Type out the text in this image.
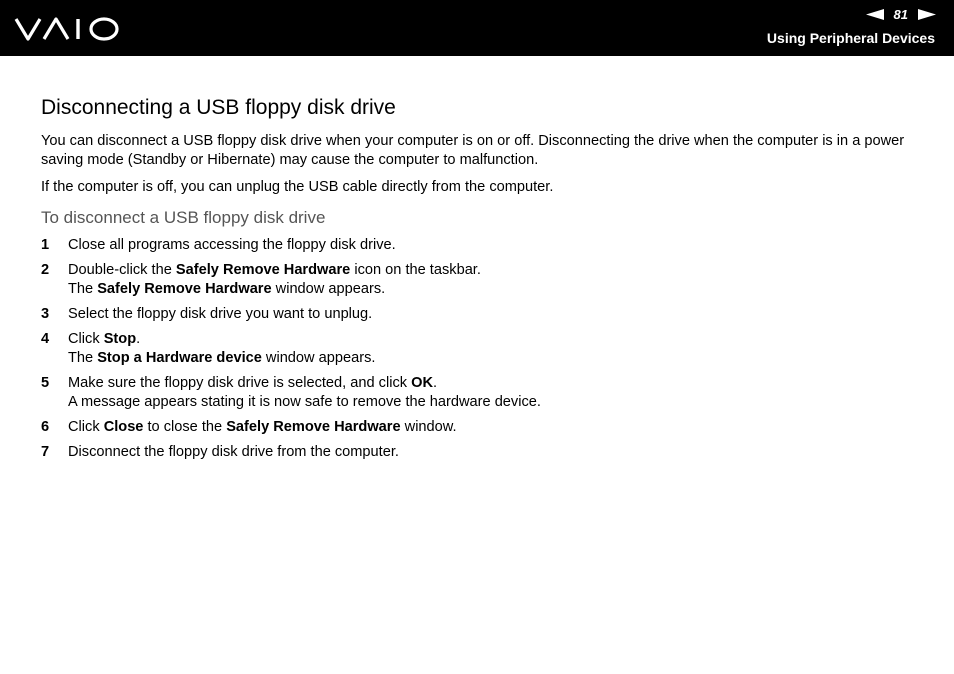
81
Using Peripheral Devices
Disconnecting a USB floppy disk drive

You can disconnect a USB floppy disk drive when your computer is on or off. Disconnecting the drive when the computer is in a power saving mode (Standby or Hibernate) may cause the computer to malfunction.

If the computer is off, you can unplug the USB cable directly from the computer.

To disconnect a USB floppy disk drive
1	Close all programs accessing the floppy disk drive.
2	Double-click the Safely Remove Hardware icon on the taskbar.
The Safely Remove Hardware window appears.
3	Select the floppy disk drive you want to unplug.
4	Click Stop.
The Stop a Hardware device window appears.
5	Make sure the floppy disk drive is selected, and click OK.
A message appears stating it is now safe to remove the hardware device.
6	Click Close to close the Safely Remove Hardware window.
7	Disconnect the floppy disk drive from the computer.
